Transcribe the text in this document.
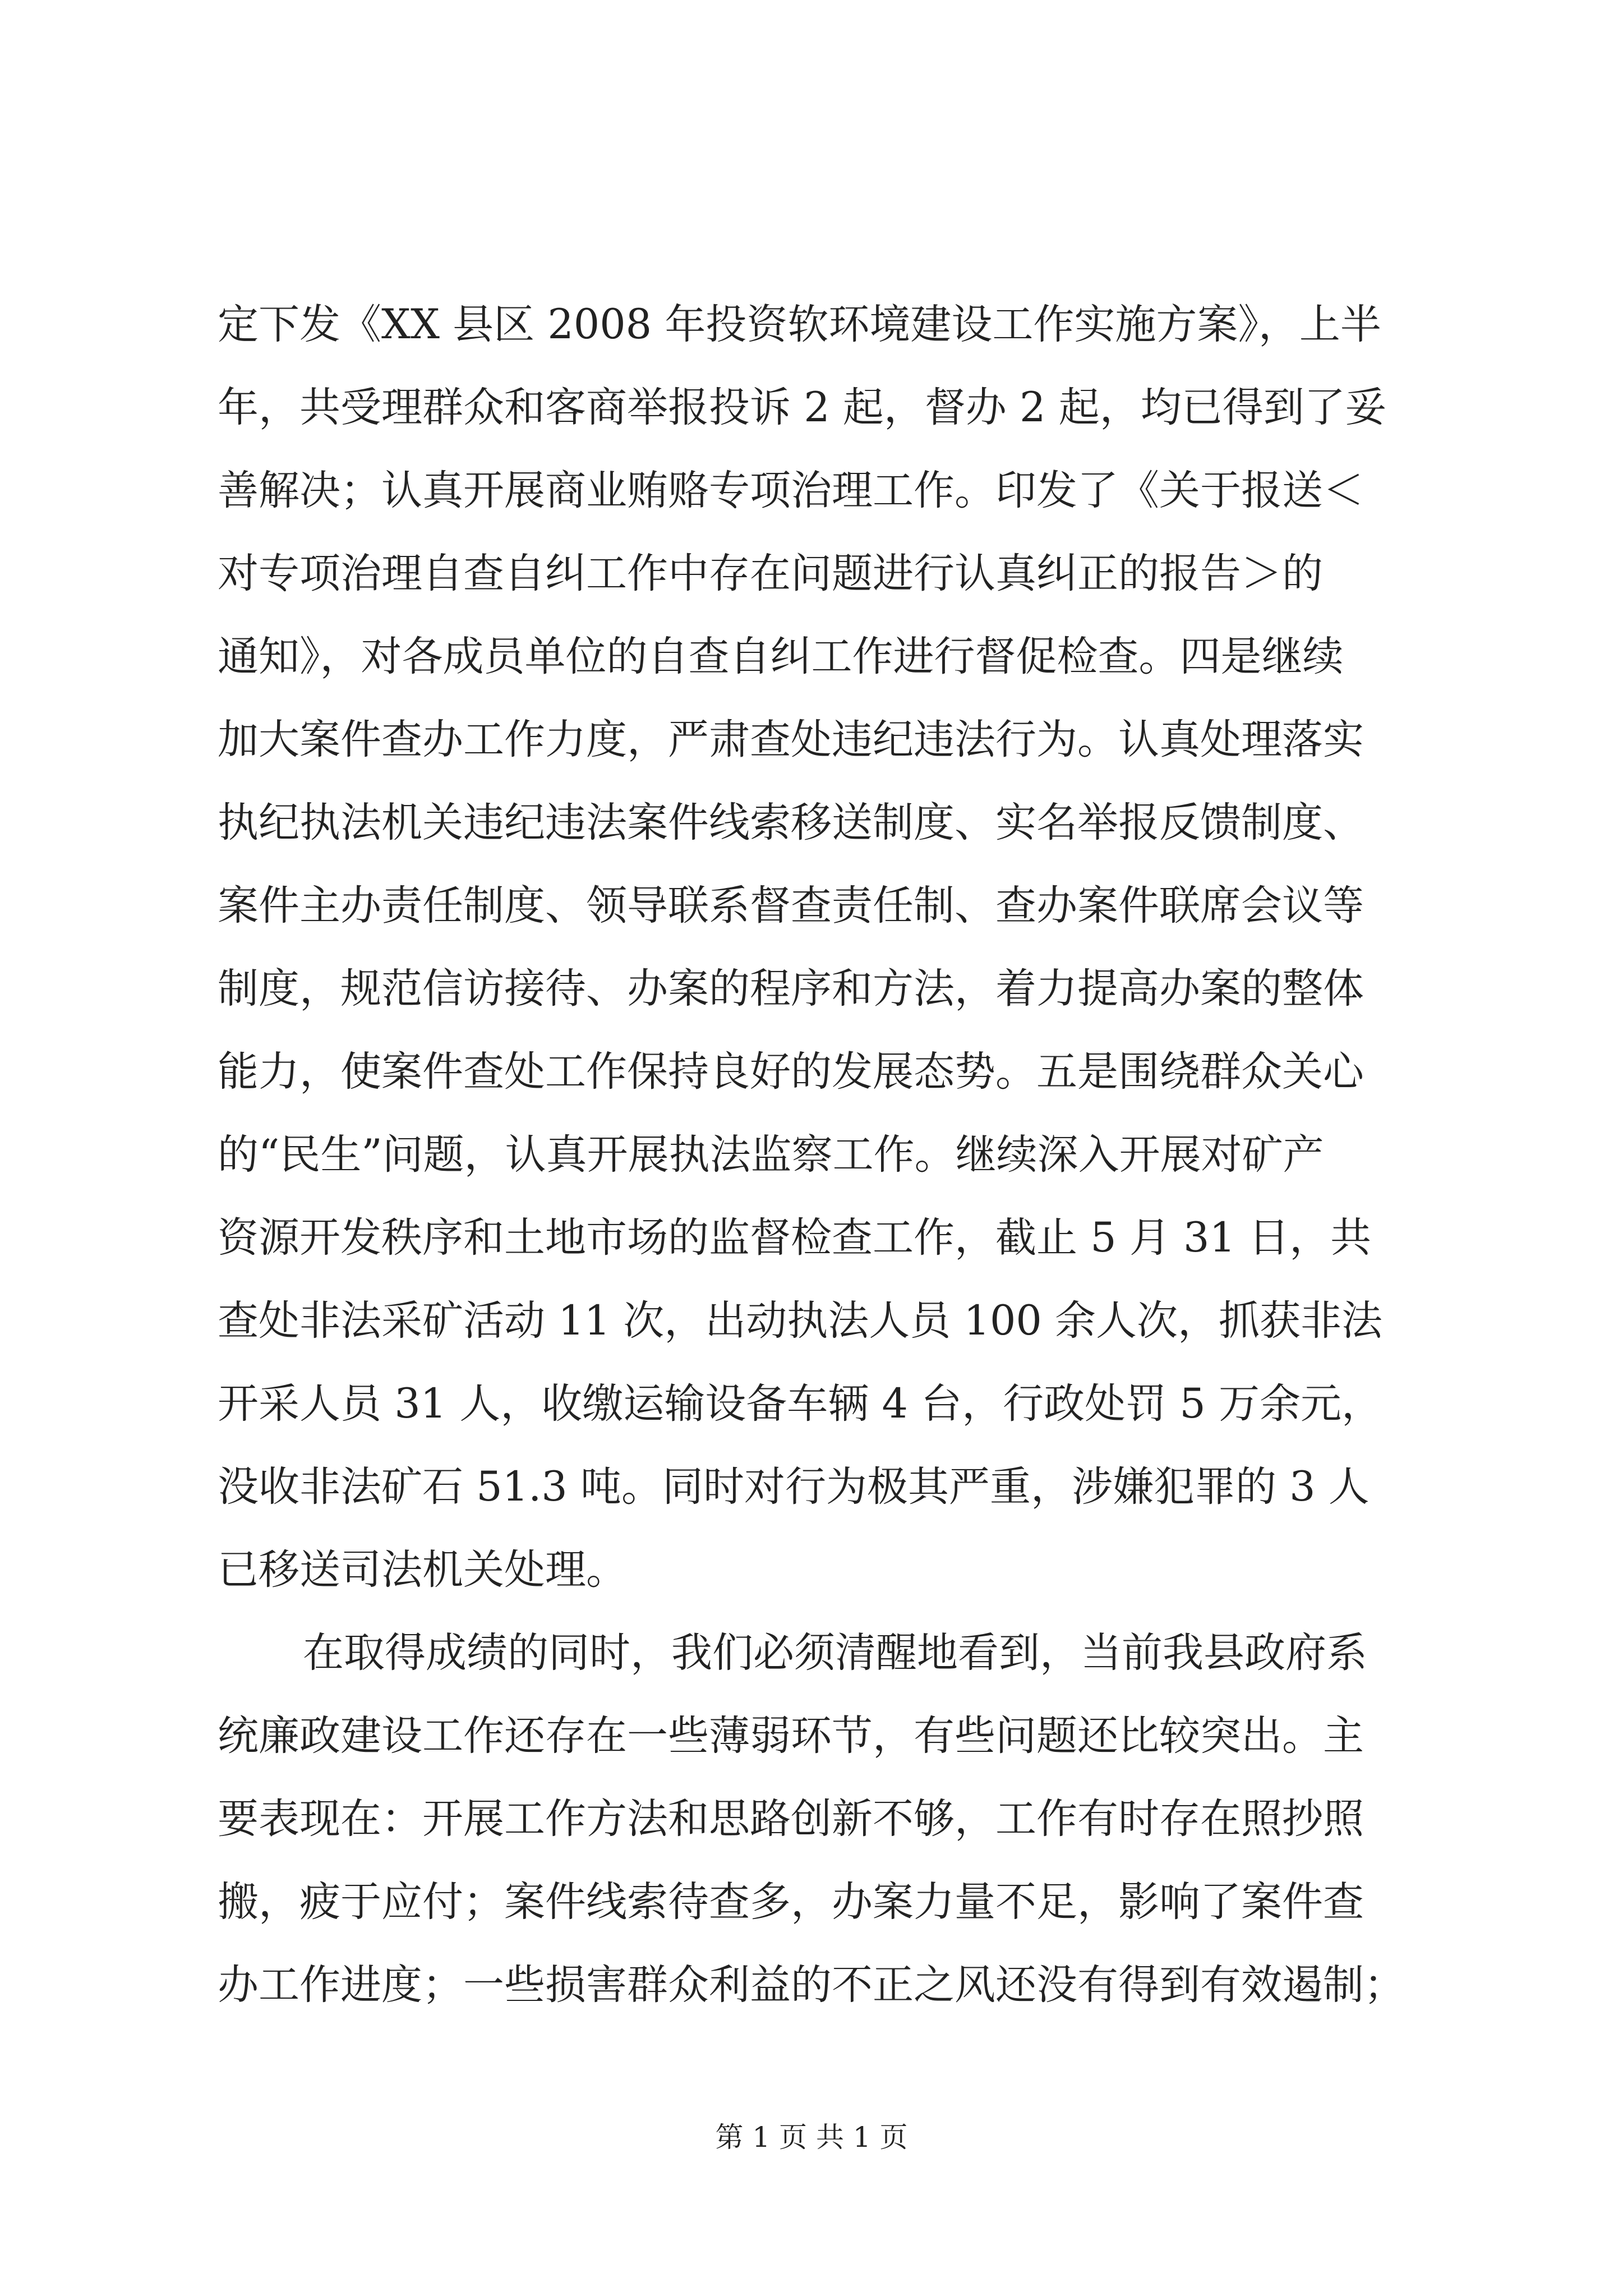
定下发《XX 县区 2008 年投资软环境建设工作实施方案》，上半
年，共受理群众和客商举报投诉 2 起，督办 2 起，均已得到了妥
善解决；认真开展商业贿赂专项治理工作。印发了《关于报送＜
对专项治理自查自纠工作中存在问题进行认真纠正的报告＞的
通知》，对各成员单位的自查自纠工作进行督促检查。四是继续
加大案件查办工作力度，严肃查处违纪违法行为。认真处理落实
执纪执法机关违纪违法案件线索移送制度、实名举报反馈制度、
案件主办责任制度、领导联系督查责任制、查办案件联席会议等
制度，规范信访接待、办案的程序和方法，着力提高办案的整体
能力，使案件查处工作保持良好的发展态势。五是围绕群众关心
的“民生”问题，认真开展执法监察工作。继续深入开展对矿产
资源开发秩序和土地市场的监督检查工作，截止 5 月 31 日，共
查处非法采矿活动 11 次，出动执法人员 100 余人次，抓获非法
开采人员 31 人，收缴运输设备车辆 4 台，行政处罚 5 万余元，
没收非法矿石 51.3 吨。同时对行为极其严重，涉嫌犯罪的 3 人
已移送司法机关处理。
在取得成绩的同时，我们必须清醒地看到，当前我县政府系
统廉政建设工作还存在一些薄弱环节，有些问题还比较突出。主
要表现在：开展工作方法和思路创新不够，工作有时存在照抄照
搬，疲于应付；案件线索待查多，办案力量不足，影响了案件查
办工作进度；一些损害群众利益的不正之风还没有得到有效遏制；
第 1 页 共 1 页
